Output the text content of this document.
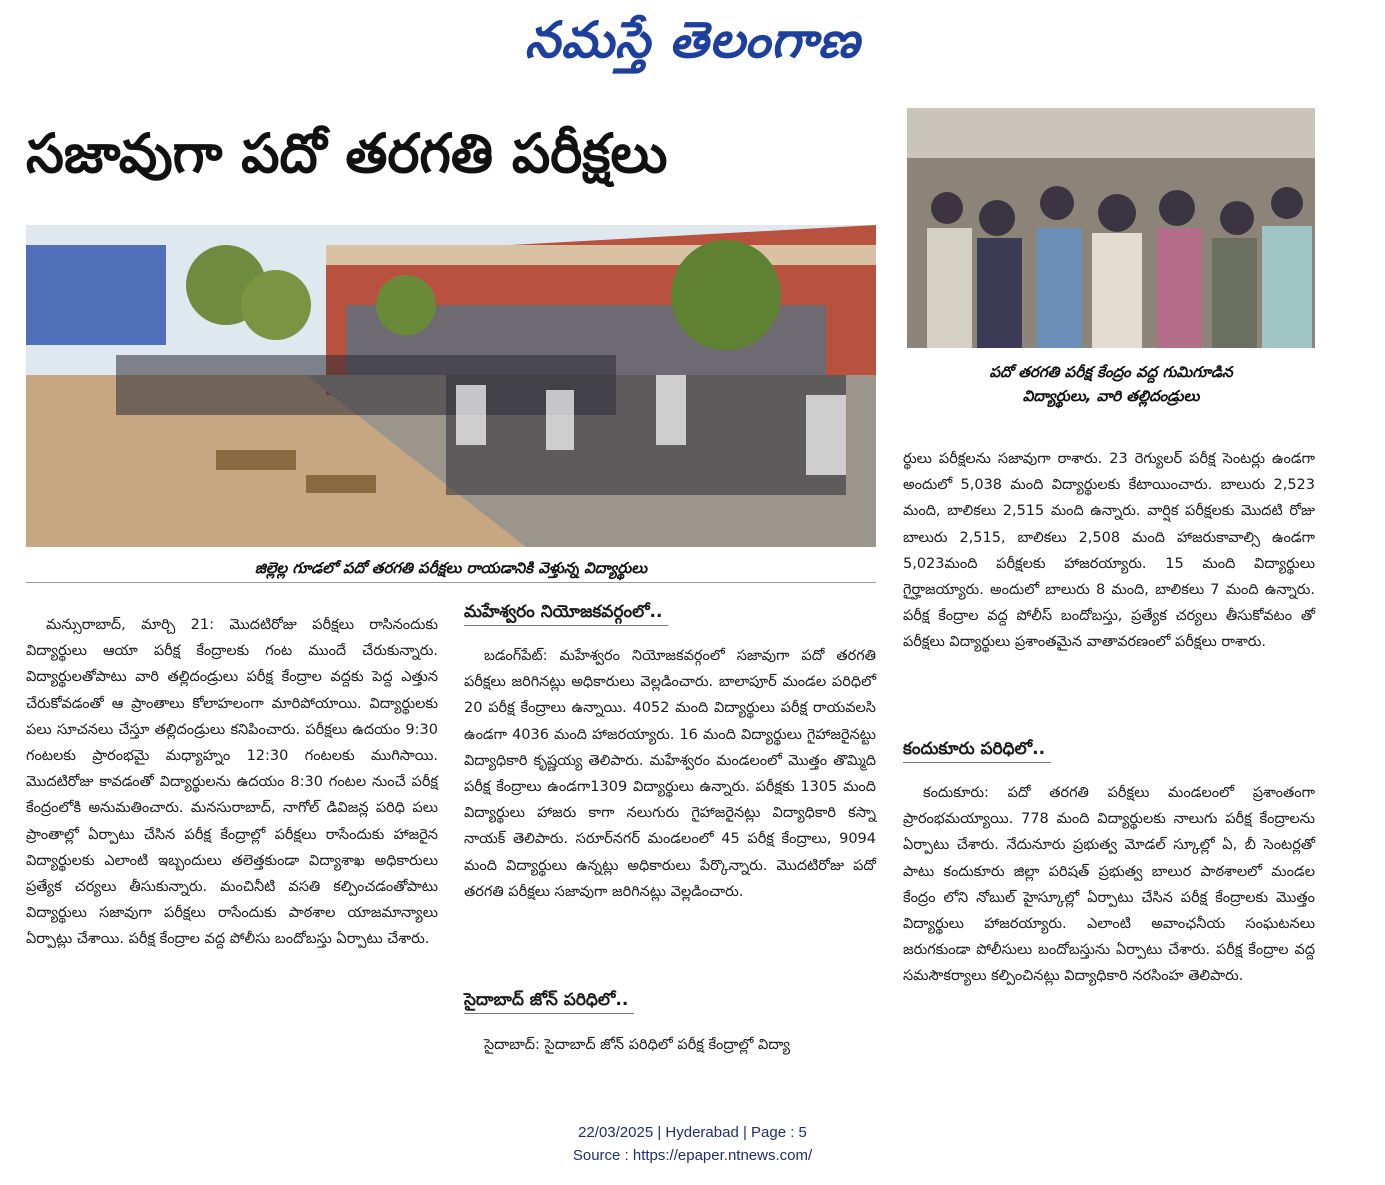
నమస్తే తెలంగాణ
సజావుగా పదో తరగతి పరీక్షలు
జిల్లెల్ల గూడలో పదో తరగతి పరీక్షలు రాయడానికి వెళ్తున్న విద్యార్థులు
పదో తరగతి పరీక్ష కేంద్రం వద్ద గుమిగూడిన
విద్యార్థులు, వారి తల్లిదండ్రులు

మన్సురాబాద్, మార్చి 21: మొదటిరోజు పరీక్షలు రాసినందుకు విద్యార్థులు ఆయా పరీక్ష కేంద్రాలకు గంట ముందే చేరుకున్నారు. విద్యార్థులతోపాటు వారి తల్లిదండ్రులు పరీక్ష కేంద్రాల వద్దకు పెద్ద ఎత్తున చేరుకోవడంతో ఆ ప్రాంతాలు కోలాహలంగా మారిపోయాయి. విద్యార్థులకు పలు సూచనలు చేస్తూ తల్లిదండ్రులు కనిపించారు. పరీక్షలు ఉదయం 9:30 గంటలకు ప్రారంభమై మధ్యాహ్నం 12:30 గంటలకు ముగిసాయి. మొదటిరోజు కావడంతో విద్యార్థులను ఉదయం 8:30 గంటల నుంచే పరీక్ష కేంద్రంలోకి అనుమతించారు. మనసురాబాద్, నాగోల్ డివిజన్ల పరిధి పలు ప్రాంతాల్లో ఏర్పాటు చేసిన పరీక్ష కేంద్రాల్లో పరీక్షలు రాసేందుకు హాజరైన విద్యార్థులకు ఎలాంటి ఇబ్బందులు తలెత్తకుండా విద్యాశాఖ అధికారులు ప్రత్యేక చర్యలు తీసుకున్నారు. మంచినీటి వసతి కల్పించడంతోపాటు విద్యార్థులు సజావుగా పరీక్షలు రాసేందుకు పాఠశాల యాజమాన్యాలు ఏర్పాట్లు చేశాయి. పరీక్ష కేంద్రాల వద్ద పోలీసు బందోబస్తు ఏర్పాటు చేశారు.

మహేశ్వరం నియోజకవర్గంలో..

బడంగ్‌పేట్: మహేశ్వరం నియోజకవర్గంలో సజావుగా పదో తరగతి పరీక్షలు జరిగినట్లు అధికారులు వెల్లడించారు. బాలాపూర్ మండల పరిధిలో 20 పరీక్ష కేంద్రాలు ఉన్నాయి. 4052 మంది విద్యార్థులు పరీక్ష రాయవలసి ఉండగా 4036 మంది హాజరయ్యారు. 16 మంది విద్యార్థులు గైహాజరైనట్టు విద్యాధికారి కృష్ణయ్య తెలిపారు. మహేశ్వరం మండలంలో మొత్తం తొమ్మిది పరీక్ష కేంద్రాలు ఉండగా1309 విద్యార్థులు ఉన్నారు. పరీక్షకు 1305 మంది విద్యార్థులు హాజరు కాగా నలుగురు గైహాజరైనట్లు విద్యాధికారి కస్నా నాయక్ తెలిపారు. సరూర్‌నగర్ మండలంలో 45 పరీక్ష కేంద్రాలు, 9094 మంది విద్యార్థులు ఉన్నట్లు అధికారులు పేర్కొన్నారు. మొదటిరోజు పదో తరగతి పరీక్షలు సజావుగా జరిగినట్లు వెల్లడించారు.

సైదాబాద్ జోన్ పరిధిలో..

సైదాబాద్: సైదాబాద్ జోన్ పరిధిలో పరీక్ష కేంద్రాల్లో విద్యా

ర్థులు పరీక్షలను సజావుగా రాశారు. 23 రెగ్యులర్ పరీక్ష సెంటర్లు ఉండగా అందులో 5,038 మంది విద్యార్థులకు కేటాయించారు. బాలురు 2,523 మంది, బాలికలు 2,515 మంది ఉన్నారు. వార్షిక పరీక్షలకు మొదటి రోజు బాలురు 2,515, బాలికలు 2,508 మంది హాజరుకావాల్సి ఉండగా 5,023మంది పరీక్షలకు హాజరయ్యారు. 15 మంది విద్యార్థులు గైర్హాజయ్యారు. అందులో బాలురు 8 మంది, బాలికలు 7 మంది ఉన్నారు. పరీక్ష కేంద్రాల వద్ద పోలీస్ బందోబస్తు, ప్రత్యేక చర్యలు తీసుకోవటం తో పరీక్షలు విద్యార్థులు ప్రశాంతమైన వాతావరణంలో పరీక్షలు రాశారు.

కందుకూరు పరిధిలో..

కందుకూరు: పదో తరగతి పరీక్షలు మండలంలో ప్రశాంతంగా ప్రారంభమయ్యాయి. 778 మంది విద్యార్థులకు నాలుగు పరీక్ష కేంద్రాలను ఏర్పాటు చేశారు. నేదునూరు ప్రభుత్వ మోడల్ స్కూల్లో ఏ, బీ సెంటర్లతో పాటు కందుకూరు జిల్లా పరిషత్ ప్రభుత్వ బాలుర పాఠశాలలో మండల కేంద్రం లోని నోబుల్ హైస్కూల్లో ఏర్పాటు చేసిన పరీక్ష కేంద్రాలకు మొత్తం విద్యార్థులు హాజరయ్యారు. ఎలాంటి అవాంఛనీయ సంఘటనలు జరుగకుండా పోలీసులు బందోబస్తును ఏర్పాటు చేశారు. పరీక్ష కేంద్రాల వద్ద సమసౌకర్యాలు కల్పించినట్లు విద్యాధికారి నరసింహ తెలిపారు.

22/03/2025 | Hyderabad | Page : 5
Source : https://epaper.ntnews.com/
